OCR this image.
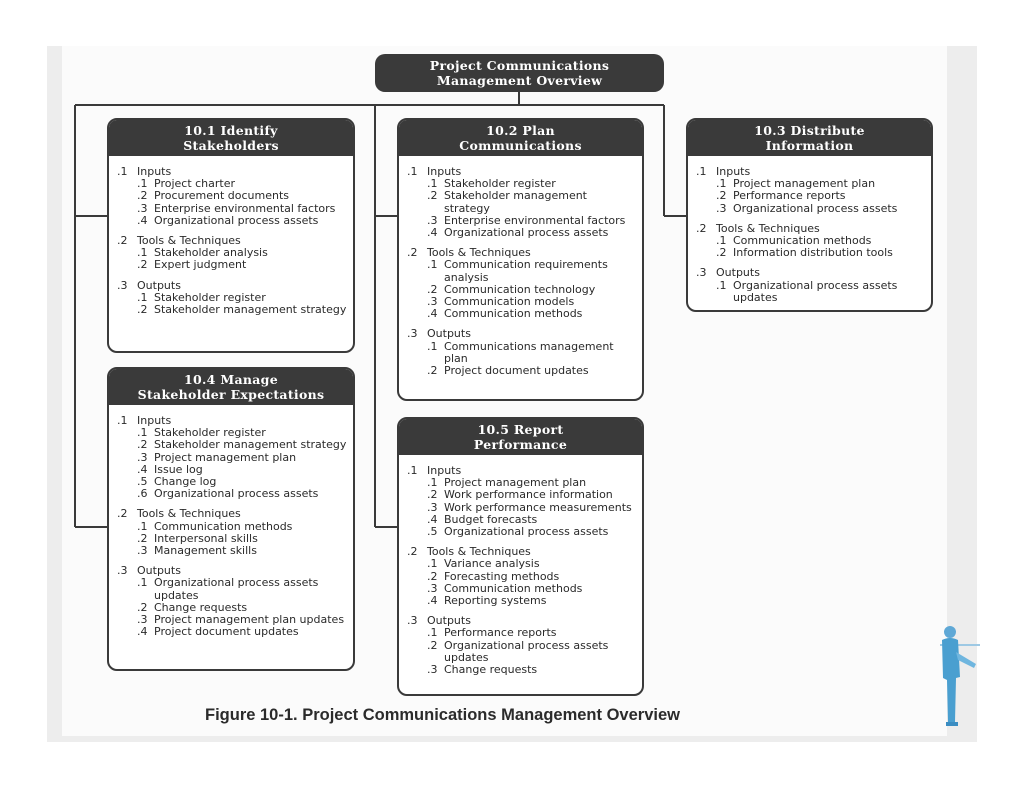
Project Communications
Management Overview
10.1 Identify
Stakeholders
.1 Inputs
.1 Project charter
.2 Procurement documents
.3 Enterprise environmental factors
.4 Organizational process assets
.2 Tools & Techniques
.1 Stakeholder analysis
.2 Expert judgment
.3 Outputs
.1 Stakeholder register
.2 Stakeholder management strategy
10.2 Plan
Communications
.1 Inputs
.1 Stakeholder register
.2 Stakeholder management strategy
.3 Enterprise environmental factors
.4 Organizational process assets
.2 Tools & Techniques
.1 Communication requirements analysis
.2 Communication technology
.3 Communication models
.4 Communication methods
.3 Outputs
.1 Communications management plan
.2 Project document updates
10.3 Distribute
Information
.1 Inputs
.1 Project management plan
.2 Performance reports
.3 Organizational process assets
.2 Tools & Techniques
.1 Communication methods
.2 Information distribution tools
.3 Outputs
.1 Organizational process assets updates
10.4 Manage
Stakeholder Expectations
.1 Inputs
.1 Stakeholder register
.2 Stakeholder management strategy
.3 Project management plan
.4 Issue log
.5 Change log
.6 Organizational process assets
.2 Tools & Techniques
.1 Communication methods
.2 Interpersonal skills
.3 Management skills
.3 Outputs
.1 Organizational process assets updates
.2 Change requests
.3 Project management plan updates
.4 Project document updates
10.5 Report
Performance
.1 Inputs
.1 Project management plan
.2 Work performance information
.3 Work performance measurements
.4 Budget forecasts
.5 Organizational process assets
.2 Tools & Techniques
.1 Variance analysis
.2 Forecasting methods
.3 Communication methods
.4 Reporting systems
.3 Outputs
.1 Performance reports
.2 Organizational process assets updates
.3 Change requests
Figure 10-1. Project Communications Management Overview
